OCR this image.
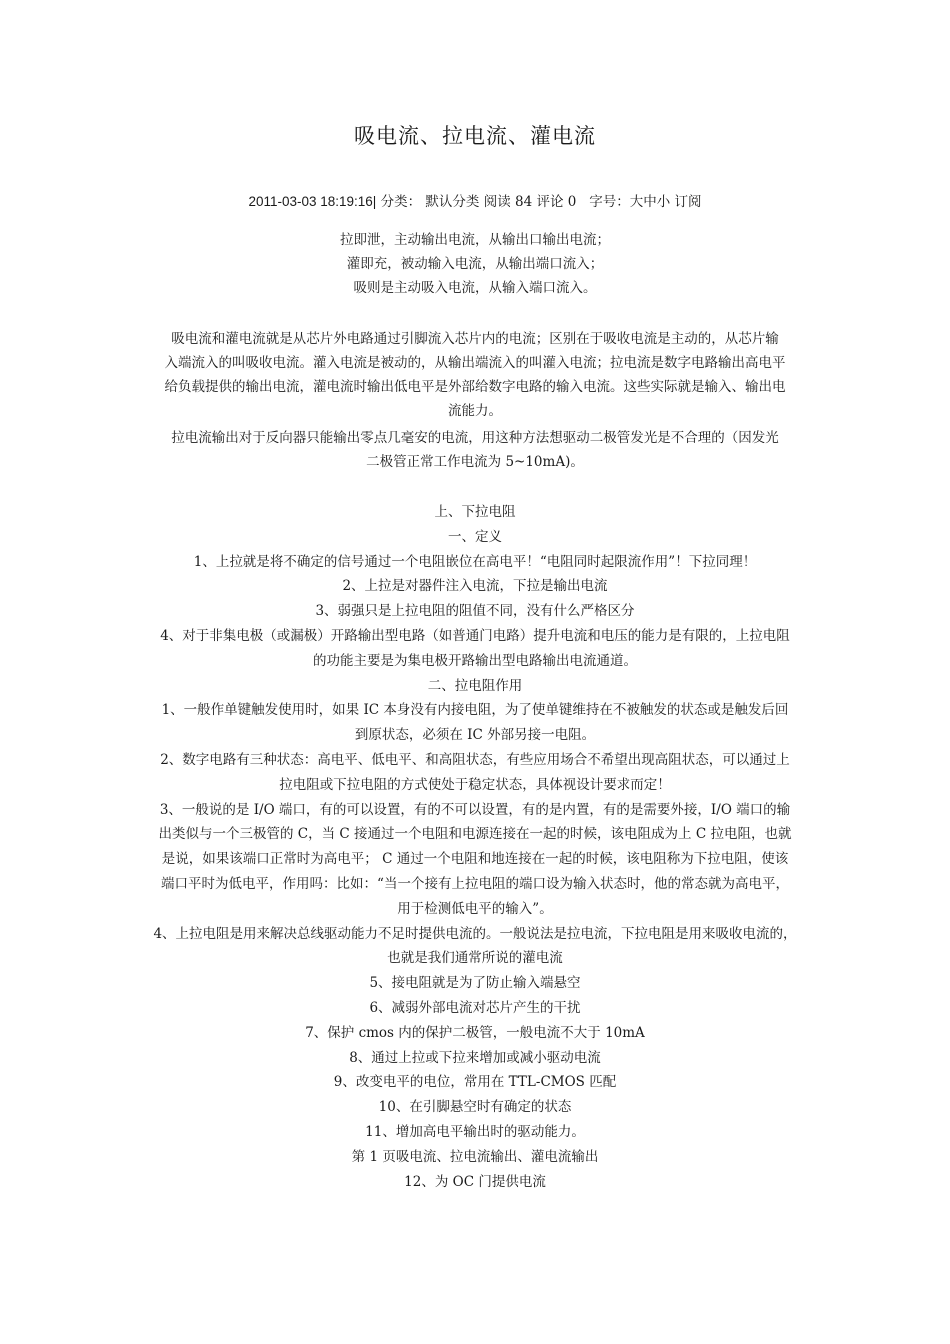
吸电流、拉电流、灌电流
2011-03-03 18:19:16| 分类： 默认分类 阅读 84 评论 0 字号：大中小 订阅

拉即泄，主动输出电流，从输出口输出电流；

灌即充，被动输入电流，从输出端口流入；

吸则是主动吸入电流，从输入端口流入。

吸电流和灌电流就是从芯片外电路通过引脚流入芯片内的电流；区别在于吸收电流是主动的，从芯片输

入端流入的叫吸收电流。灌入电流是被动的，从输出端流入的叫灌入电流；拉电流是数字电路输出高电平

给负载提供的输出电流，灌电流时输出低电平是外部给数字电路的输入电流。这些实际就是输入、输出电

流能力。

拉电流输出对于反向器只能输出零点几毫安的电流，用这种方法想驱动二极管发光是不合理的（因发光

二极管正常工作电流为 5~10mA)。

上、下拉电阻

一、定义

1、上拉就是将不确定的信号通过一个电阻嵌位在高电平！“电阻同时起限流作用”！下拉同理！

2、上拉是对器件注入电流，下拉是输出电流

3、弱强只是上拉电阻的阻值不同，没有什么严格区分

4、对于非集电极（或漏极）开路输出型电路（如普通门电路）提升电流和电压的能力是有限的，上拉电阻

的功能主要是为集电极开路输出型电路输出电流通道。

二、拉电阻作用

1、一般作单键触发使用时，如果 IC 本身没有内接电阻，为了使单键维持在不被触发的状态或是触发后回

到原状态，必须在 IC 外部另接一电阻。

2、数字电路有三种状态：高电平、低电平、和高阻状态，有些应用场合不希望出现高阻状态，可以通过上

拉电阻或下拉电阻的方式使处于稳定状态，具体视设计要求而定！

3、一般说的是 I/O 端口，有的可以设置，有的不可以设置，有的是内置，有的是需要外接，I/O 端口的输

出类似与一个三极管的 C，当 C 接通过一个电阻和电源连接在一起的时候，该电阻成为上 C 拉电阻，也就

是说，如果该端口正常时为高电平； C 通过一个电阻和地连接在一起的时候，该电阻称为下拉电阻，使该

端口平时为低电平，作用吗：比如：“当一个接有上拉电阻的端口设为输入状态时，他的常态就为高电平，

用于检测低电平的输入”。

4、上拉电阻是用来解决总线驱动能力不足时提供电流的。一般说法是拉电流，下拉电阻是用来吸收电流的，

也就是我们通常所说的灌电流

5、接电阻就是为了防止输入端悬空

6、减弱外部电流对芯片产生的干扰

7、保护 cmos 内的保护二极管，一般电流不大于 10mA

8、通过上拉或下拉来增加或减小驱动电流

9、改变电平的电位，常用在 TTL-CMOS 匹配

10、在引脚悬空时有确定的状态

11、增加高电平输出时的驱动能力。

第 1 页吸电流、拉电流输出、灌电流输出

12、为 OC 门提供电流
